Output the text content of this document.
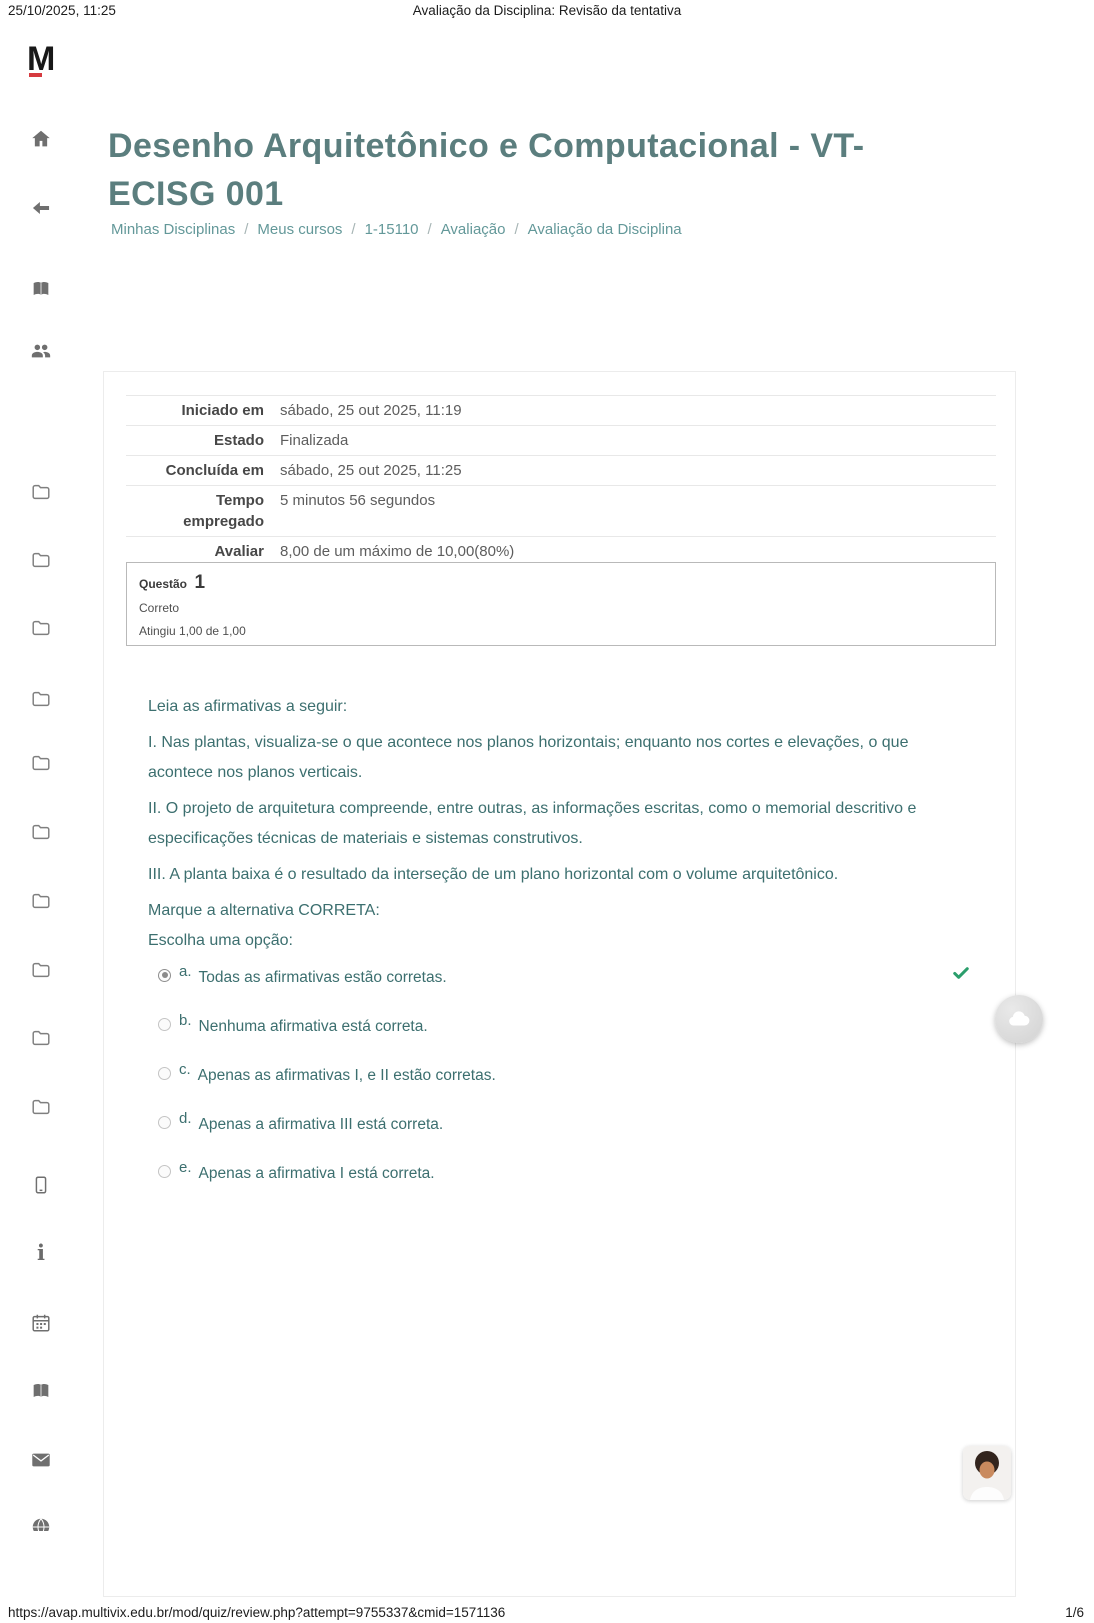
25/10/2025, 11:25	Avaliação da Disciplina: Revisão da tentativa
M
i
Desenho Arquitetônico e Computacional - VT-ECISG 001
Minhas Disciplinas / Meus cursos / 1-15110 / Avaliação / Avaliação da Disciplina
Iniciado em	sábado, 25 out 2025, 11:19
Estado	Finalizada
Concluída em	sábado, 25 out 2025, 11:25
Tempo empregado	5 minutos 56 segundos
Avaliar	8,00 de um máximo de 10,00(80%)
Questão 1
Correto
Atingiu 1,00 de 1,00

Leia as afirmativas a seguir:

I. Nas plantas, visualiza-se o que acontece nos planos horizontais; enquanto nos cortes e elevações, o que acontece nos planos verticais.

II. O projeto de arquitetura compreende, entre outras, as informações escritas, como o memorial descritivo e especificações técnicas de materiais e sistemas construtivos.

III. A planta baixa é o resultado da interseção de um plano horizontal com o volume arquitetônico.

Marque a alternativa CORRETA:

Escolha uma opção:

a. Todas as afirmativas estão corretas.
b. Nenhuma afirmativa está correta.
c. Apenas as afirmativas I, e II estão corretas.
d. Apenas a afirmativa III está correta.
e. Apenas a afirmativa I está correta.
https://avap.multivix.edu.br/mod/quiz/review.php?attempt=9755337&cmid=1571136	1/6
